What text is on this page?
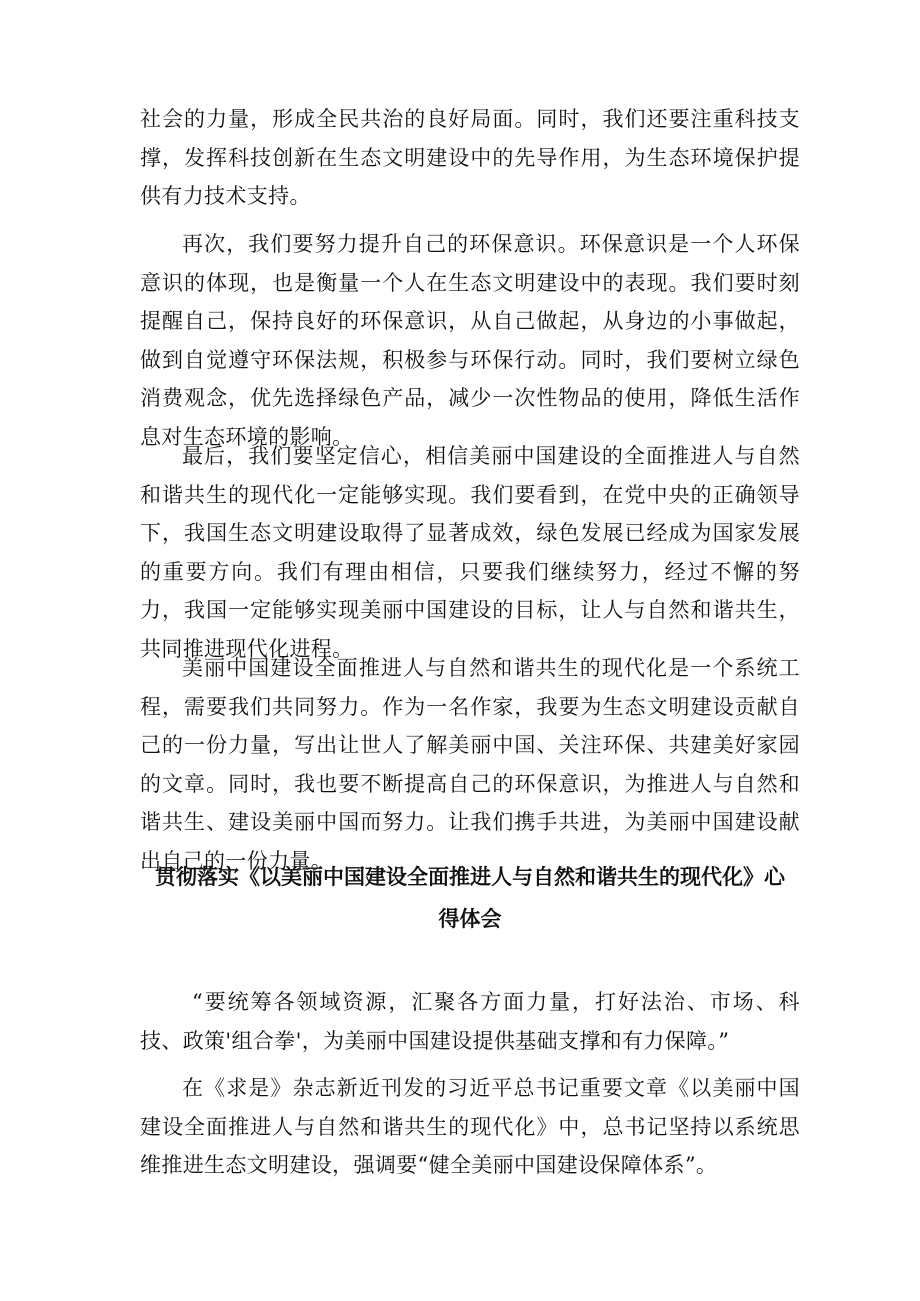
社会的力量，形成全民共治的良好局面。同时，我们还要注重科技支撑，发挥科技创新在生态文明建设中的先导作用，为生态环境保护提供有力技术支持。

再次，我们要努力提升自己的环保意识。环保意识是一个人环保意识的体现，也是衡量一个人在生态文明建设中的表现。我们要时刻提醒自己，保持良好的环保意识，从自己做起，从身边的小事做起，做到自觉遵守环保法规，积极参与环保行动。同时，我们要树立绿色消费观念，优先选择绿色产品，减少一次性物品的使用，降低生活作息对生态环境的影响。

最后，我们要坚定信心，相信美丽中国建设的全面推进人与自然和谐共生的现代化一定能够实现。我们要看到，在党中央的正确领导下，我国生态文明建设取得了显著成效，绿色发展已经成为国家发展的重要方向。我们有理由相信，只要我们继续努力，经过不懈的努力，我国一定能够实现美丽中国建设的目标，让人与自然和谐共生，共同推进现代化进程。

美丽中国建设全面推进人与自然和谐共生的现代化是一个系统工程，需要我们共同努力。作为一名作家，我要为生态文明建设贡献自己的一份力量，写出让世人了解美丽中国、关注环保、共建美好家园的文章。同时，我也要不断提高自己的环保意识，为推进人与自然和谐共生、建设美丽中国而努力。让我们携手共进，为美丽中国建设献出自己的一份力量。

贯彻落实《以美丽中国建设全面推进人与自然和谐共生的现代化》心
得体会

“要统筹各领域资源，汇聚各方面力量，打好法治、市场、科技、政策'组合拳'，为美丽中国建设提供基础支撑和有力保障。”

在《求是》杂志新近刊发的习近平总书记重要文章《以美丽中国建设全面推进人与自然和谐共生的现代化》中，总书记坚持以系统思维推进生态文明建设，强调要“健全美丽中国建设保障体系”。
